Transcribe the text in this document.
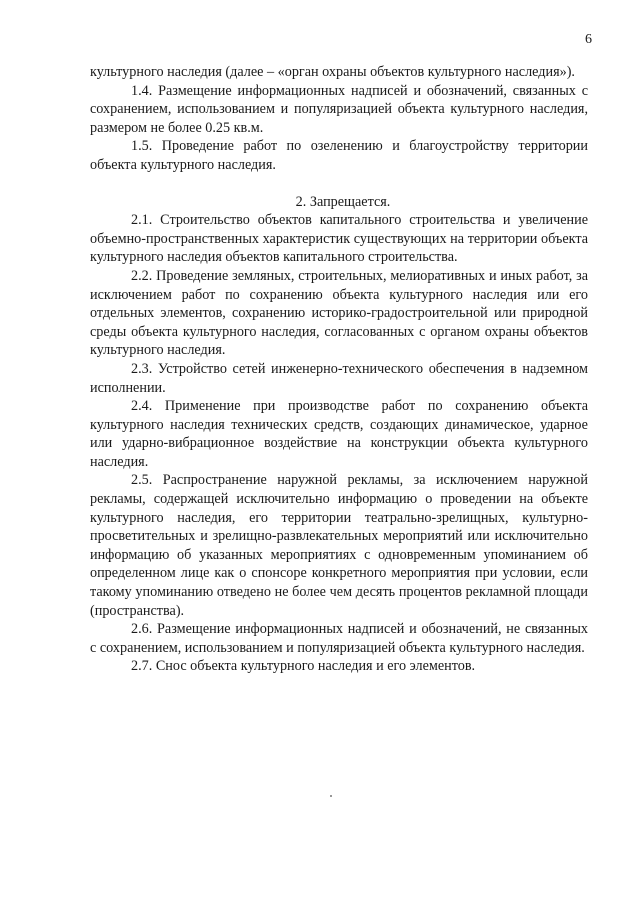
6

культурного наследия (далее – «орган охраны объектов культурного наследия»).

1.4. Размещение информационных надписей и обозначений, связанных с сохранением, использованием и популяризацией объекта культурного наследия, размером не более 0.25 кв.м.

1.5. Проведение работ по озеленению и благоустройству территории объекта культурного наследия.

2. Запрещается.

2.1. Строительство объектов капитального строительства и увеличение объемно-пространственных характеристик существующих на территории объекта культурного наследия объектов капитального строительства.

2.2. Проведение земляных, строительных, мелиоративных и иных работ, за исключением работ по сохранению объекта культурного наследия или его отдельных элементов, сохранению историко-градостроительной или природной среды объекта культурного наследия, согласованных с органом охраны объектов культурного наследия.

2.3. Устройство сетей инженерно-технического обеспечения в надземном исполнении.

2.4. Применение при производстве работ по сохранению объекта культурного наследия технических средств, создающих динамическое, ударное или ударно-вибрационное воздействие на конструкции объекта культурного наследия.

2.5. Распространение наружной рекламы, за исключением наружной рекламы, содержащей исключительно информацию о проведении на объекте культурного наследия, его территории театрально-зрелищных, культурно-просветительных и зрелищно-развлекательных мероприятий или исключительно информацию об указанных мероприятиях с одновременным упоминанием об определенном лице как о спонсоре конкретного мероприятия при условии, если такому упоминанию отведено не более чем десять процентов рекламной площади (пространства).

2.6. Размещение информационных надписей и обозначений, не связанных с сохранением, использованием и популяризацией объекта культурного наследия.

2.7. Снос объекта культурного наследия и его элементов.
